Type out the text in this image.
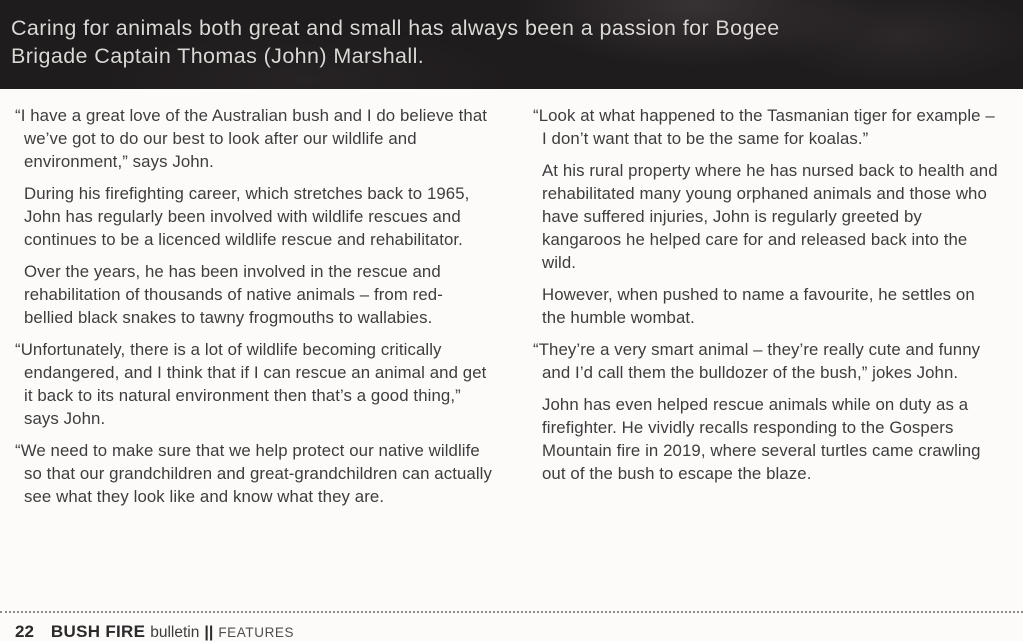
Caring for animals both great and small has always been a passion for Bogee
Brigade Captain Thomas (John) Marshall.

“I have a great love of the Australian bush and I do believe that we’ve got to do our best to look after our wildlife and environment,” says John.

During his firefighting career, which stretches back to 1965, John has regularly been involved with wildlife rescues and continues to be a licenced wildlife rescue and rehabilitator.

Over the years, he has been involved in the rescue and rehabilitation of thousands of native animals – from red-bellied black snakes to tawny frogmouths to wallabies.

“Unfortunately, there is a lot of wildlife becoming critically endangered, and I think that if I can rescue an animal and get it back to its natural environment then that’s a good thing,” says John.

“We need to make sure that we help protect our native wildlife so that our grandchildren and great-grandchildren can actually see what they look like and know what they are.

“Look at what happened to the Tasmanian tiger for example – I don’t want that to be the same for koalas.”

At his rural property where he has nursed back to health and rehabilitated many young orphaned animals and those who have suffered injuries, John is regularly greeted by kangaroos he helped care for and released back into the wild.

However, when pushed to name a favourite, he settles on the humble wombat.

“They’re a very smart animal – they’re really cute and funny and I’d call them the bulldozer of the bush,” jokes John.

John has even helped rescue animals while on duty as a firefighter. He vividly recalls responding to the Gospers Mountain fire in 2019, where several turtles came crawling out of the bush to escape the blaze.

22 BUSH FIRE bulletin || FEATURES
